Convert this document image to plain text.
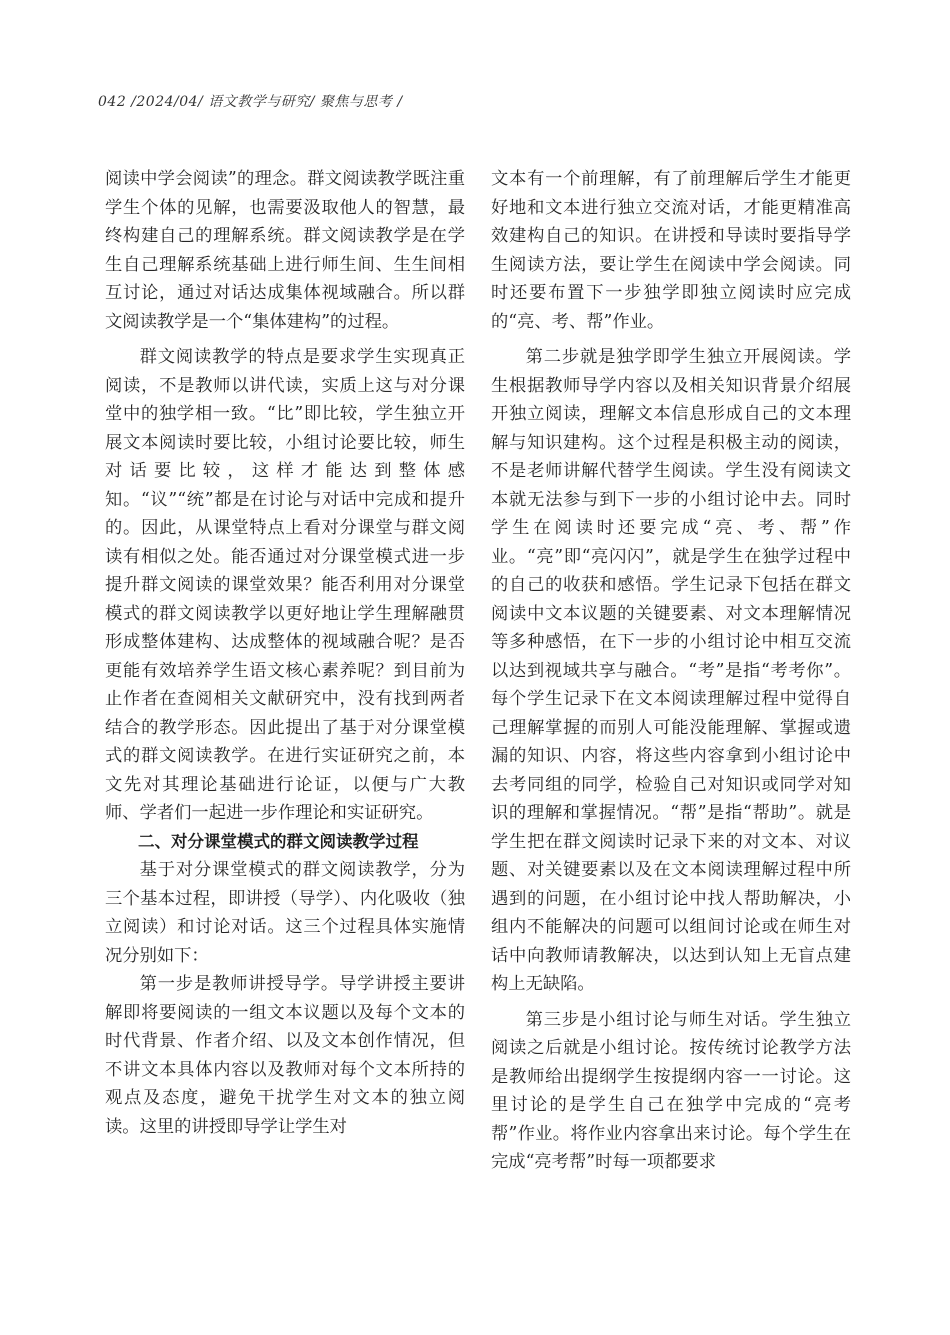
042 /2024/04/ 语文教学与研究/ 聚焦与思考 /

阅读中学会阅读”的理念。群文阅读教学既注重学生个体的见解，也需要汲取他人的智慧，最终构建自己的理解系统。群文阅读教学是在学生自己理解系统基础上进行师生间、生生间相互讨论，通过对话达成集体视域融合。所以群文阅读教学是一个“集体建构”的过程。

群文阅读教学的特点是要求学生实现真正阅读，不是教师以讲代读，实质上这与对分课堂中的独学相一致。“比”即比较，学生独立开展文本阅读时要比较，小组讨论要比较，师生对话要比较，这样才能达到整体感知。“议”“统”都是在讨论与对话中完成和提升的。因此，从课堂特点上看对分课堂与群文阅读有相似之处。能否通过对分课堂模式进一步提升群文阅读的课堂效果？能否利用对分课堂模式的群文阅读教学以更好地让学生理解融贯形成整体建构、达成整体的视域融合呢？是否更能有效培养学生语文核心素养呢？到目前为止作者在查阅相关文献研究中，没有找到两者结合的教学形态。因此提出了基于对分课堂模式的群文阅读教学。在进行实证研究之前，本文先对其理论基础进行论证，以便与广大教师、学者们一起进一步作理论和实证研究。

二、对分课堂模式的群文阅读教学过程

基于对分课堂模式的群文阅读教学，分为三个基本过程，即讲授（导学）、内化吸收（独立阅读）和讨论对话。这三个过程具体实施情况分别如下：

第一步是教师讲授导学。导学讲授主要讲解即将要阅读的一组文本议题以及每个文本的时代背景、作者介绍、以及文本创作情况，但不讲文本具体内容以及教师对每个文本所持的观点及态度，避免干扰学生对文本的独立阅读。这里的讲授即导学让学生对

文本有一个前理解，有了前理解后学生才能更好地和文本进行独立交流对话，才能更精准高效建构自己的知识。在讲授和导读时要指导学生阅读方法，要让学生在阅读中学会阅读。同时还要布置下一步独学即独立阅读时应完成的“亮、考、帮”作业。

第二步就是独学即学生独立开展阅读。学生根据教师导学内容以及相关知识背景介绍展开独立阅读，理解文本信息形成自己的文本理解与知识建构。这个过程是积极主动的阅读，不是老师讲解代替学生阅读。学生没有阅读文本就无法参与到下一步的小组讨论中去。同时学生在阅读时还要完成“亮、考、帮”作业。“亮”即“亮闪闪”，就是学生在独学过程中的自己的收获和感悟。学生记录下包括在群文阅读中文本议题的关键要素、对文本理解情况等多种感悟，在下一步的小组讨论中相互交流以达到视域共享与融合。“考”是指“考考你”。每个学生记录下在文本阅读理解过程中觉得自己理解掌握的而别人可能没能理解、掌握或遗漏的知识、内容，将这些内容拿到小组讨论中去考同组的同学，检验自己对知识或同学对知识的理解和掌握情况。“帮”是指“帮助”。就是学生把在群文阅读时记录下来的对文本、对议题、对关键要素以及在文本阅读理解过程中所遇到的问题，在小组讨论中找人帮助解决，小组内不能解决的问题可以组间讨论或在师生对话中向教师请教解决，以达到认知上无盲点建构上无缺陷。

第三步是小组讨论与师生对话。学生独立阅读之后就是小组讨论。按传统讨论教学方法是教师给出提纲学生按提纲内容一一讨论。这里讨论的是学生自己在独学中完成的“亮考帮”作业。将作业内容拿出来讨论。每个学生在完成“亮考帮”时每一项都要求
